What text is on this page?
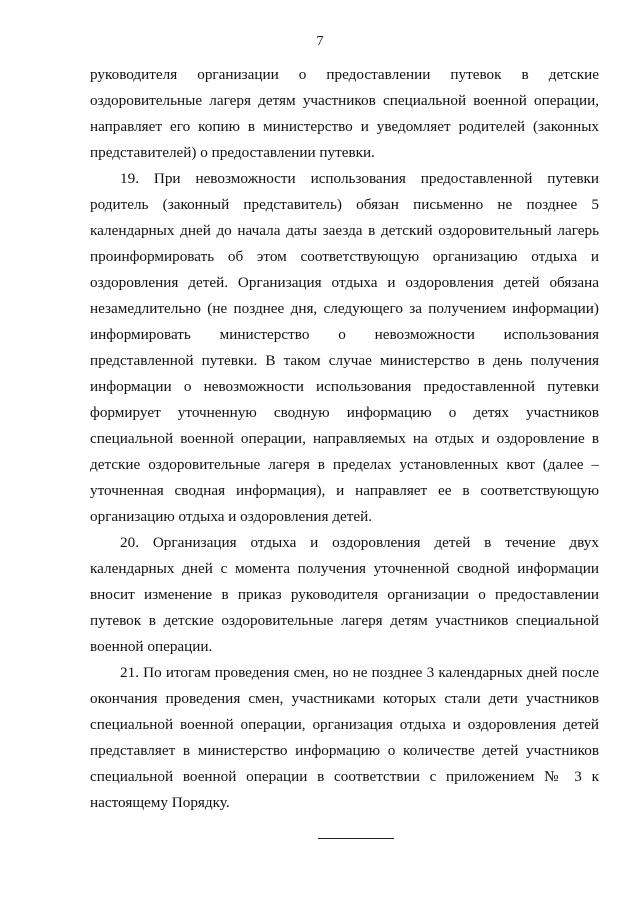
7

руководителя организации о предоставлении путевок в детские оздоровительные лагеря детям участников специальной военной операции, направляет его копию в министерство и уведомляет родителей (законных представителей) о предоставлении путевки.

19. При невозможности использования предоставленной путевки родитель (законный представитель) обязан письменно не позднее 5 календарных дней до начала даты заезда в детский оздоровительный лагерь проинформировать об этом соответствующую организацию отдыха и оздоровления детей. Организация отдыха и оздоровления детей обязана незамедлительно (не позднее дня, следующего за получением информации) информировать министерство о невозможности использования представленной путевки. В таком случае министерство в день получения информации о невозможности использования предоставленной путевки формирует уточненную сводную информацию о детях участников специальной военной операции, направляемых на отдых и оздоровление в детские оздоровительные лагеря в пределах установленных квот (далее – уточненная сводная информация), и направляет ее в соответствующую организацию отдыха и оздоровления детей.

20. Организация отдыха и оздоровления детей в течение двух календарных дней с момента получения уточненной сводной информации вносит изменение в приказ руководителя организации о предоставлении путевок в детские оздоровительные лагеря детям участников специальной военной операции.

21. По итогам проведения смен, но не позднее 3 календарных дней после окончания проведения смен, участниками которых стали дети участников специальной военной операции, организация отдыха и оздоровления детей представляет в министерство информацию о количестве детей участников специальной военной операции в соответствии с приложением № 3 к настоящему Порядку.
